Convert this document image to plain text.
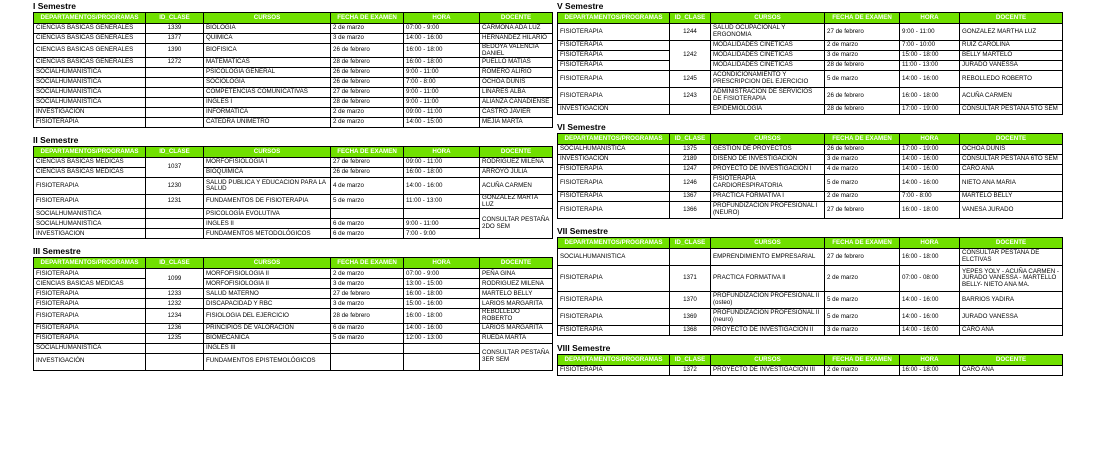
I Semestre
DEPARTAMENTOS/PROGRAMAS	ID_CLASE	CURSOS	FECHA DE EXAMEN	HORA	DOCENTE
CIENCIAS BASICAS GENERALES	1339	BIOLOGIA	2 de marzo	07:00 - 9:00	CARMONA ADA LUZ
CIENCIAS BASICAS GENERALES	1377	QUIMICA	3 de marzo	14:00 - 16:00	HERNANDEZ HILARIO
CIENCIAS BASICAS GENERALES	1390	BIOFISICA	26 de febrero	16:00 - 18:00	BEDOYA VALENCIA DANIEL
CIENCIAS BASICAS GENERALES	1272	MATEMATICAS	28 de febrero	16:00 - 18:00	PUELLO MATIAS
SOCIALHUMANISTICA		PSICOLOGIA GENERAL	26 de febrero	9:00 - 11:00	ROMERO ALIRIO
SOCIALHUMANISTICA		SOCIOLOGIA	26 de febrero	7:00 - 8:00	OCHOA DUNIS
SOCIALHUMANISTICA		COMPETENCIAS COMUNICATIVAS	27 de febrero	9:00 - 11:00	LINARES ALBA
SOCIALHUMANISTICA		INGLES I	28 de febrero	9:00 - 11:00	ALIANZA CANADIENSE
INVESTIGACION		INFORMATICA	2 de marzo	09:00 - 11:00	CASTRO JAVIER
FISIOTERAPIA		CATEDRA UNIMETRO	2 de marzo	14:00 - 15:00	MEJIA MARTA
II Semestre
DEPARTAMENTOS/PROGRAMAS	ID_CLASE	CURSOS	FECHA DE EXAMEN	HORA	DOCENTE
CIENCIAS BASICAS MEDICAS	1037	MORFOFISIOLOGIA I	27 de febrero	09:00 - 11:00	RODRIGUEZ MILENA
CIENCIAS BASICAS MEDICAS		BIOQUIMICA	26 de febrero	16:00 - 18:00	ARROYO JULIA
FISIOTERAPIA	1230	SALUD PUBLICA Y EDUCACION PARA LA SALUD	4 de marzo	14:00 - 16:00	ACUÑA CARMEN
FISIOTERAPIA	1231	FUNDAMENTOS DE FISIOTERAPIA	5 de marzo	11:00 - 13:00	GONZALEZ MARTA LUZ
SOCIALHUMANISTICA		PSICOLOGÍA EVOLUTIVA			CONSULTAR PESTAÑA 2DO SEM
SOCIALHUMANISTICA		INGLES II	6 de marzo	9:00 - 11:00	
INVESTIGACION		FUNDAMENTOS METODOLÓGICOS	6 de marzo	7:00 - 9:00	
III Semestre
DEPARTAMENTOS/PROGRAMAS	ID_CLASE	CURSOS	FECHA DE EXAMEN	HORA	DOCENTE
FISIOTERAPIA	1099	MORFOFISIOLOGIA II	2 de marzo	07:00 - 9:00	PEÑA GINA
CIENCIAS BASICAS MEDICAS		MORFOFISIOLOGIA II	3 de marzo	13:00 - 15:00	RODRIGUEZ MILENA
FISIOTERAPIA	1233	SALUD MATERNO	27 de febrero	16:00 - 18:00	MARTELO BELLY
FISIOTERAPIA	1232	DISCAPACIDAD Y RBC	3 de marzo	15:00 - 16:00	LARIOS MARGARITA
FISIOTERAPIA	1234	FISIOLOGIA DEL EJERCICIO	28 de febrero	16:00 - 18:00	REBOLLEDO ROBERTO
FISIOTERAPIA	1236	PRINCIPIOS DE VALORACIÓN	6 de marzo	14:00 - 16:00	LARIOS MARGARITA
FISIOTERAPIA	1235	BIOMECANICA	5 de marzo	12:00 - 13:00	RUEDA MARTA
SOCIALHUMANISTICA		INGLÉS III			CONSULTAR PESTAÑA 3ER SEM
INVESTIGACIÓN		FUNDAMENTOS EPISTEMOLÓGICOS			
V Semestre
DEPARTAMENTOS/PROGRAMAS	ID_CLASE	CURSOS	FECHA DE EXAMEN	HORA	DOCENTE
FISIOTERAPIA	1244	SALUD OCUPACIONAL Y ERGONOMIA	27 de febrero	9:00 - 11:00	GONZALEZ MARTHA LUZ
FISIOTERAPIA	1242	MODALIDADES CINETICAS	2 de marzo	7:00 - 10:00	RUIZ CAROLINA
FISIOTERAPIA		MODALIDADES CINETICAS	3 de marzo	15:00 - 18:00	BELLY MARTELO
FISIOTERAPIA		MODALIDADES CINETICAS	28 de febrero	11:00 - 13:00	JURADO VANESSA
FISIOTERAPIA	1245	ACONDICIONAMIENTO Y PRESCRIPCION DEL EJERCICIO	5 de marzo	14:00 - 16:00	REBOLLEDO ROBERTO
FISIOTERAPIA	1243	ADMINISTRACION DE SERVICIOS DE FISIOTERAPIA	26 de febrero	16:00 - 18:00	ACUÑA CARMEN
INVESTIGACIÓN		EPIDEMIOLOGÍA	28 de febrero	17:00 - 19:00	CONSULTAR PESTAÑA 5TO SEM
VI Semestre
DEPARTAMENTOS/PROGRAMAS	ID_CLASE	CURSOS	FECHA DE EXAMEN	HORA	DOCENTE
SOCIALHUMANISTICA	1375	GESTION DE PROYECTOS	26 de febrero	17:00 - 19:00	OCHOA DUNIS
INVESTIGACIÓN	2189	DISEÑO DE INVESTIGACION	3 de marzo	14:00 - 16:00	CONSULTAR PESTAÑA 6TO SEM
FISIOTERAPIA	1247	PROYECTO DE INVESTIGACION I	4 de marzo	14:00 - 16:00	CARO ANA
FISIOTERAPIA	1246	FISIOTERAPIA CARDIORESPIRATORIA	5 de marzo	14:00 - 16:00	NIETO ANA MARIA
FISIOTERAPIA	1367	PRACTICA FORMATIVA I	2 de marzo	7:00 - 8:00	MARTELO BELLY
FISIOTERAPIA	1366	PROFUNDIZACION PROFESIONAL I (NEURO)	27 de febrero	16:00 - 18:00	VANESA JURADO
VII Semestre
DEPARTAMENTOS/PROGRAMAS	ID_CLASE	CURSOS	FECHA DE EXAMEN	HORA	DOCENTE
SOCIALHUMANISTICA		EMPRENDIMIENTO EMPRESARIAL	27 de febrero	16:00 - 18:00	CONSULTAR PESTAÑA DE ELCTIVAS
FISIOTERAPIA	1371	PRACTICA FORMATIVA II	2 de marzo	07:00 - 08:00	YEPES YOLY - ACUÑA CARMEN - JURADO VANESSA - MARTELLO BELLY- NIETO ANA MA.
FISIOTERAPIA	1370	PROFUNDIZACION PROFESIONAL II (osteo)	5 de marzo	14:00 - 16:00	BARRIOS YADIRA
FISIOTERAPIA	1369	PROFUNDIZACION PROFESIONAL II (neuro)	5 de marzo	14:00 - 16:00	JURADO VANESSA
FISIOTERAPIA	1368	PROYECTO DE INVESTIGACION II	3 de marzo	14:00 - 16:00	CARO ANA
VIII Semestre
DEPARTAMENTOS/PROGRAMAS	ID_CLASE	CURSOS	FECHA DE EXAMEN	HORA	DOCENTE
FISIOTERAPIA	1372	PROYECTO DE INVESTIGACION III	2 de marzo	16:00 - 18:00	CARO ANA
